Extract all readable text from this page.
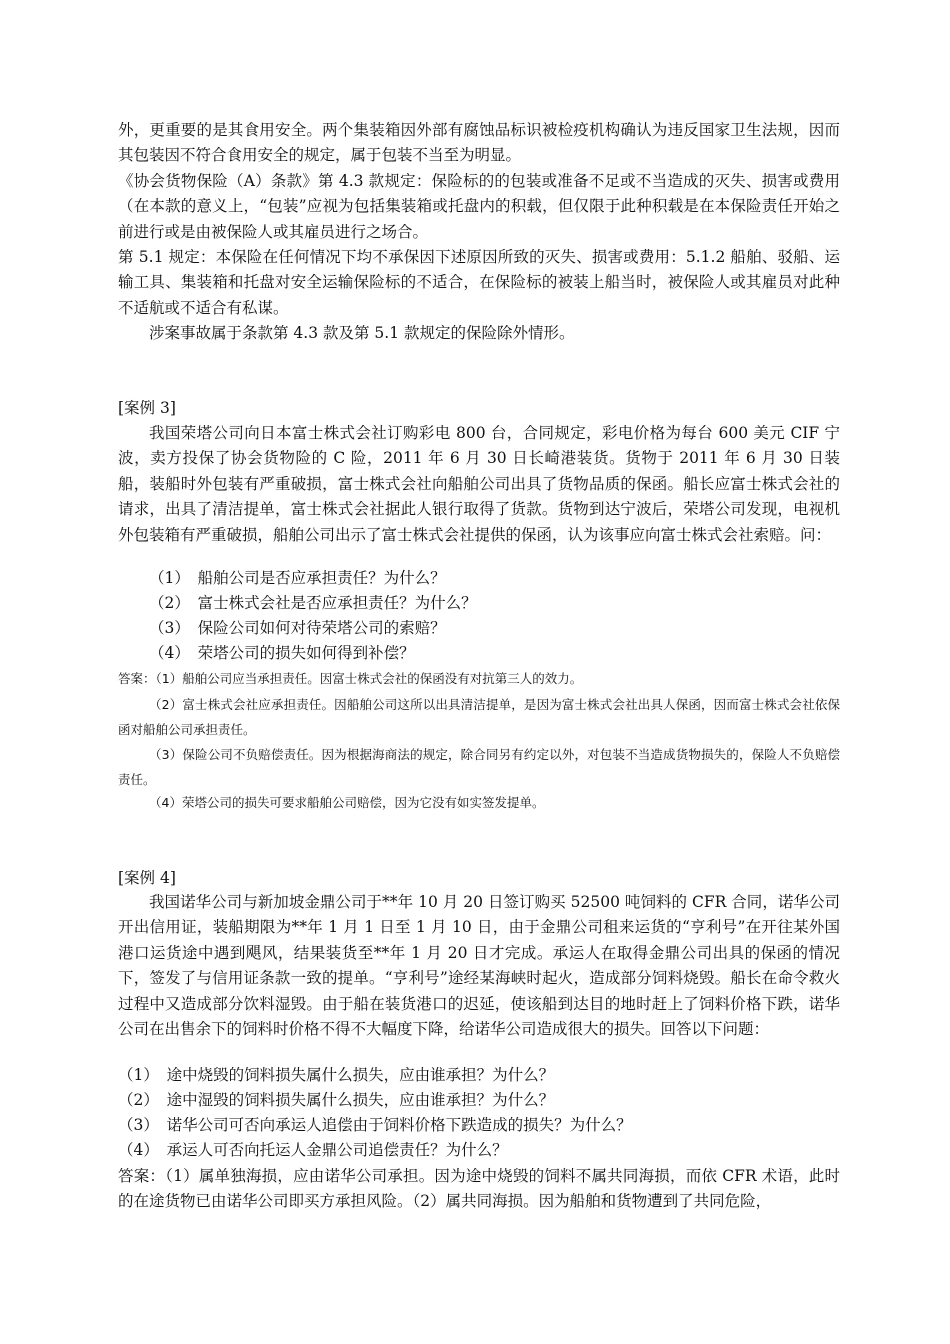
外，更重要的是其食用安全。两个集装箱因外部有腐蚀品标识被检疫机构确认为违反国家卫生法规，因而其包装因不符合食用安全的规定，属于包装不当至为明显。

《协会货物保险（A）条款》第 4.3 款规定：保险标的的包装或准备不足或不当造成的灭失、损害或费用（在本款的意义上，“包装”应视为包括集装箱或托盘内的积载，但仅限于此种积载是在本保险责任开始之前进行或是由被保险人或其雇员进行之场合。

第 5.1 规定：本保险在任何情况下均不承保因下述原因所致的灭失、损害或费用：5.1.2 船舶、驳船、运输工具、集装箱和托盘对安全运输保险标的不适合，在保险标的被装上船当时，被保险人或其雇员对此种不适航或不适合有私谋。

涉案事故属于条款第 4.3 款及第 5.1 款规定的保险除外情形。

[案例 3]

我国荣塔公司向日本富士株式会社订购彩电 800 台，合同规定，彩电价格为每台 600 美元 CIF 宁波，卖方投保了协会货物险的 C 险，2011 年 6 月 30 日长崎港装货。货物于 2011 年 6 月 30 日装船，装船时外包装有严重破损，富士株式会社向船舶公司出具了货物品质的保函。船长应富士株式会社的请求，出具了清洁提单，富士株式会社据此人银行取得了货款。货物到达宁波后，荣塔公司发现，电视机外包装箱有严重破损，船舶公司出示了富士株式会社提供的保函，认为该事应向富士株式会社索赔。问：

（1）　船舶公司是否应承担责任？为什么？
（2）　富士株式会社是否应承担责任？为什么？
（3）　保险公司如何对待荣塔公司的索赔？
（4）　荣塔公司的损失如何得到补偿？
答案：（1）船舶公司应当承担责任。因富士株式会社的保函没有对抗第三人的效力。
（2）富士株式会社应承担责任。因船舶公司这所以出具清洁提单，是因为富士株式会社出具人保函，因而富士株式会社依保函对船舶公司承担责任。
（3）保险公司不负赔偿责任。因为根据海商法的规定，除合同另有约定以外，对包装不当造成货物损失的，保险人不负赔偿责任。
（4）荣塔公司的损失可要求船舶公司赔偿，因为它没有如实签发提单。
[案例 4]

我国诺华公司与新加坡金鼎公司于**年 10 月 20 日签订购买 52500 吨饲料的 CFR 合同，诺华公司开出信用证，装船期限为**年 1 月 1 日至 1 月 10 日，由于金鼎公司租来运货的“亨利号”在开往某外国港口运货途中遇到飓风，结果装货至**年 1 月 20 日才完成。承运人在取得金鼎公司出具的保函的情况下，签发了与信用证条款一致的提单。“亨利号”途经某海峡时起火，造成部分饲料烧毁。船长在命令救火过程中又造成部分饮料湿毁。由于船在装货港口的迟延，使该船到达目的地时赶上了饲料价格下跌，诺华公司在出售余下的饲料时价格不得不大幅度下降，给诺华公司造成很大的损失。回答以下问题：

（1）　途中烧毁的饲料损失属什么损失，应由谁承担？为什么？
（2）　途中湿毁的饲料损失属什么损失，应由谁承担？为什么？
（3）　诺华公司可否向承运人追偿由于饲料价格下跌造成的损失？为什么？
（4）　承运人可否向托运人金鼎公司追偿责任？为什么？

答案：（1）属单独海损，应由诺华公司承担。因为途中烧毁的饲料不属共同海损，而依 CFR 术语，此时的在途货物已由诺华公司即买方承担风险。（2）属共同海损。因为船舶和货物遭到了共同危险，
